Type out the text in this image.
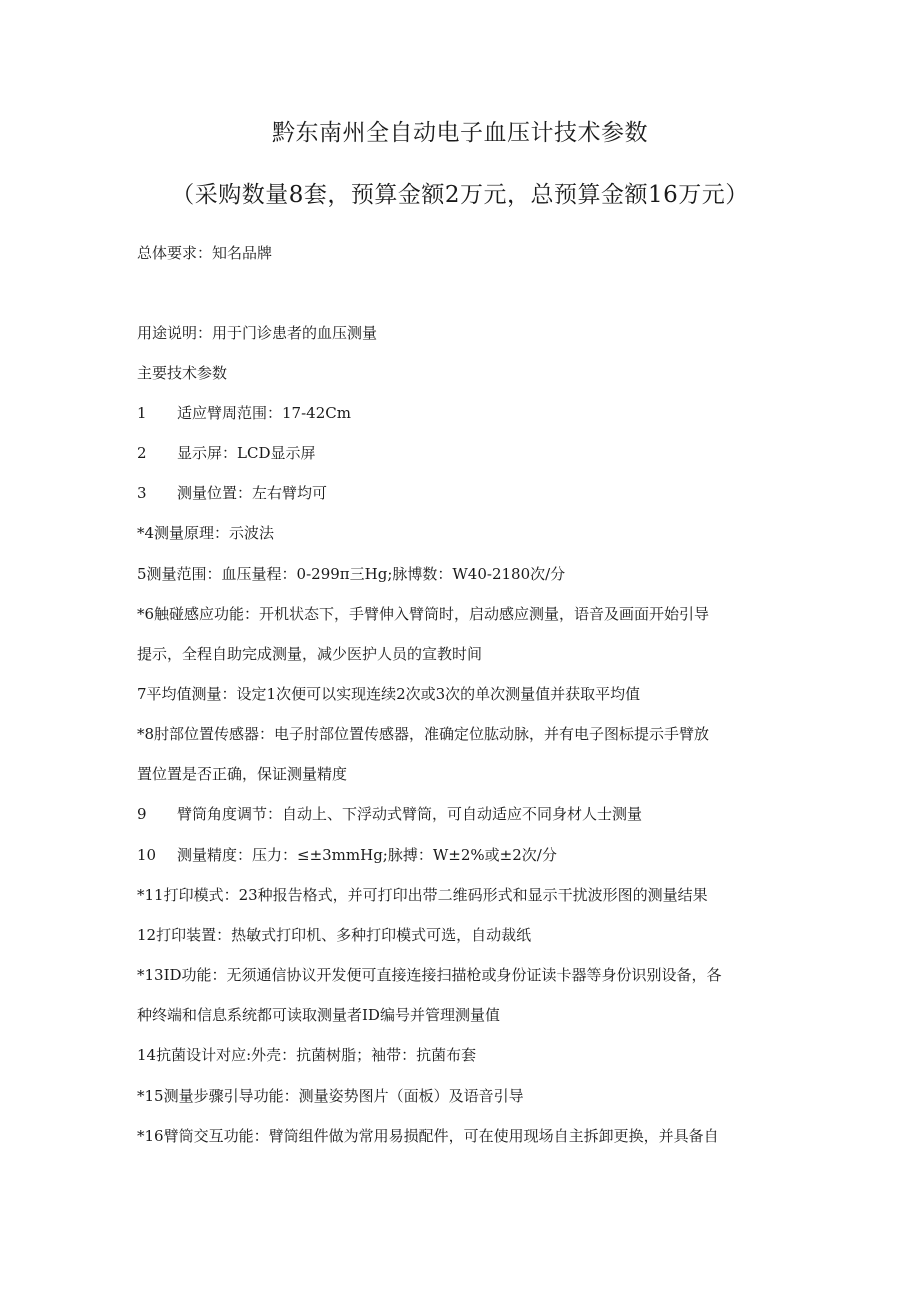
黔东南州全自动电子血压计技术参数
（采购数量8套，预算金额2万元，总预算金额16万元）
总体要求：知名品牌
用途说明：用于门诊患者的血压测量
主要技术参数
1 适应臂周范围：17-42Cm
2 显示屏：LCD显示屏
3 测量位置：左右臂均可
*4测量原理：示波法
5测量范围：血压量程：0-299π三Hg;脉博数：W40-2180次/分
*6触碰感应功能：开机状态下，手臂伸入臂筒时，启动感应测量，语音及画面开始引导
提示，全程自助完成测量，减少医护人员的宣教时间
7平均值测量：设定1次便可以实现连续2次或3次的单次测量值并获取平均值
*8肘部位置传感器：电子肘部位置传感器，准确定位肱动脉，并有电子图标提示手臂放
置位置是否正确，保证测量精度
9 臂筒角度调节：自动上、下浮动式臂筒，可自动适应不同身材人士测量
10 测量精度：压力：≤±3mmHg;脉搏：W±2%或±2次/分
*11打印模式：23种报告格式，并可打印出带二维码形式和显示干扰波形图的测量结果
12打印装置：热敏式打印机、多种打印模式可选，自动裁纸
*13ID功能：无须通信协议开发便可直接连接扫描枪或身份证读卡器等身份识别设备，各
种终端和信息系统都可读取测量者ID编号并管理测量值
14抗菌设计对应:外壳：抗菌树脂；袖带：抗菌布套
*15测量步骤引导功能：测量姿势图片（面板）及语音引导
*16臂筒交互功能：臂筒组件做为常用易损配件，可在使用现场自主拆卸更换，并具备自
